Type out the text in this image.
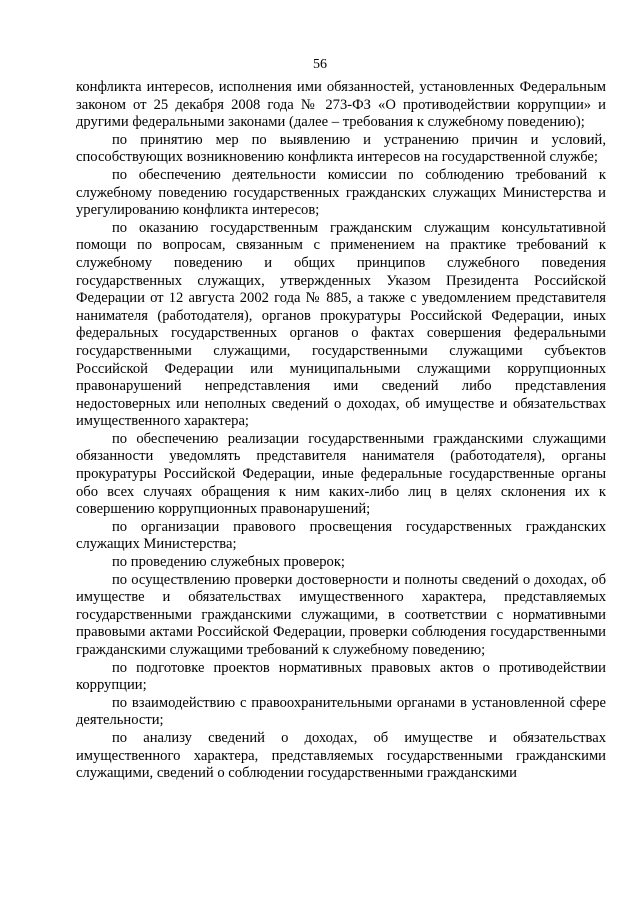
56

конфликта интересов, исполнения ими обязанностей, установленных Федеральным законом от 25 декабря 2008 года № 273-ФЗ «О противодействии коррупции» и другими федеральными законами (далее – требования к служебному поведению);

по принятию мер по выявлению и устранению причин и условий, способствующих возникновению конфликта интересов на государственной службе;

по обеспечению деятельности комиссии по соблюдению требований к служебному поведению государственных гражданских служащих Министерства и урегулированию конфликта интересов;

по оказанию государственным гражданским служащим консультативной помощи по вопросам, связанным с применением на практике требований к служебному поведению и общих принципов служебного поведения государственных служащих, утвержденных Указом Президента Российской Федерации от 12 августа 2002 года № 885, а также с уведомлением представителя нанимателя (работодателя), органов прокуратуры Российской Федерации, иных федеральных государственных органов о фактах совершения федеральными государственными служащими, государственными служащими субъектов Российской Федерации или муниципальными служащими коррупционных правонарушений непредставления ими сведений либо представления недостоверных или неполных сведений о доходах, об имуществе и обязательствах имущественного характера;

по обеспечению реализации государственными гражданскими служащими обязанности уведомлять представителя нанимателя (работодателя), органы прокуратуры Российской Федерации, иные федеральные государственные органы обо всех случаях обращения к ним каких-либо лиц в целях склонения их к совершению коррупционных правонарушений;

по организации правового просвещения государственных гражданских служащих Министерства;

по проведению служебных проверок;

по осуществлению проверки достоверности и полноты сведений о доходах, об имуществе и обязательствах имущественного характера, представляемых государственными гражданскими служащими, в соответствии с нормативными правовыми актами Российской Федерации, проверки соблюдения государственными гражданскими служащими требований к служебному поведению;

по подготовке проектов нормативных правовых актов о противодействии коррупции;

по взаимодействию с правоохранительными органами в установленной сфере деятельности;

по анализу сведений о доходах, об имуществе и обязательствах имущественного характера, представляемых государственными гражданскими служащими, сведений о соблюдении государственными гражданскими
